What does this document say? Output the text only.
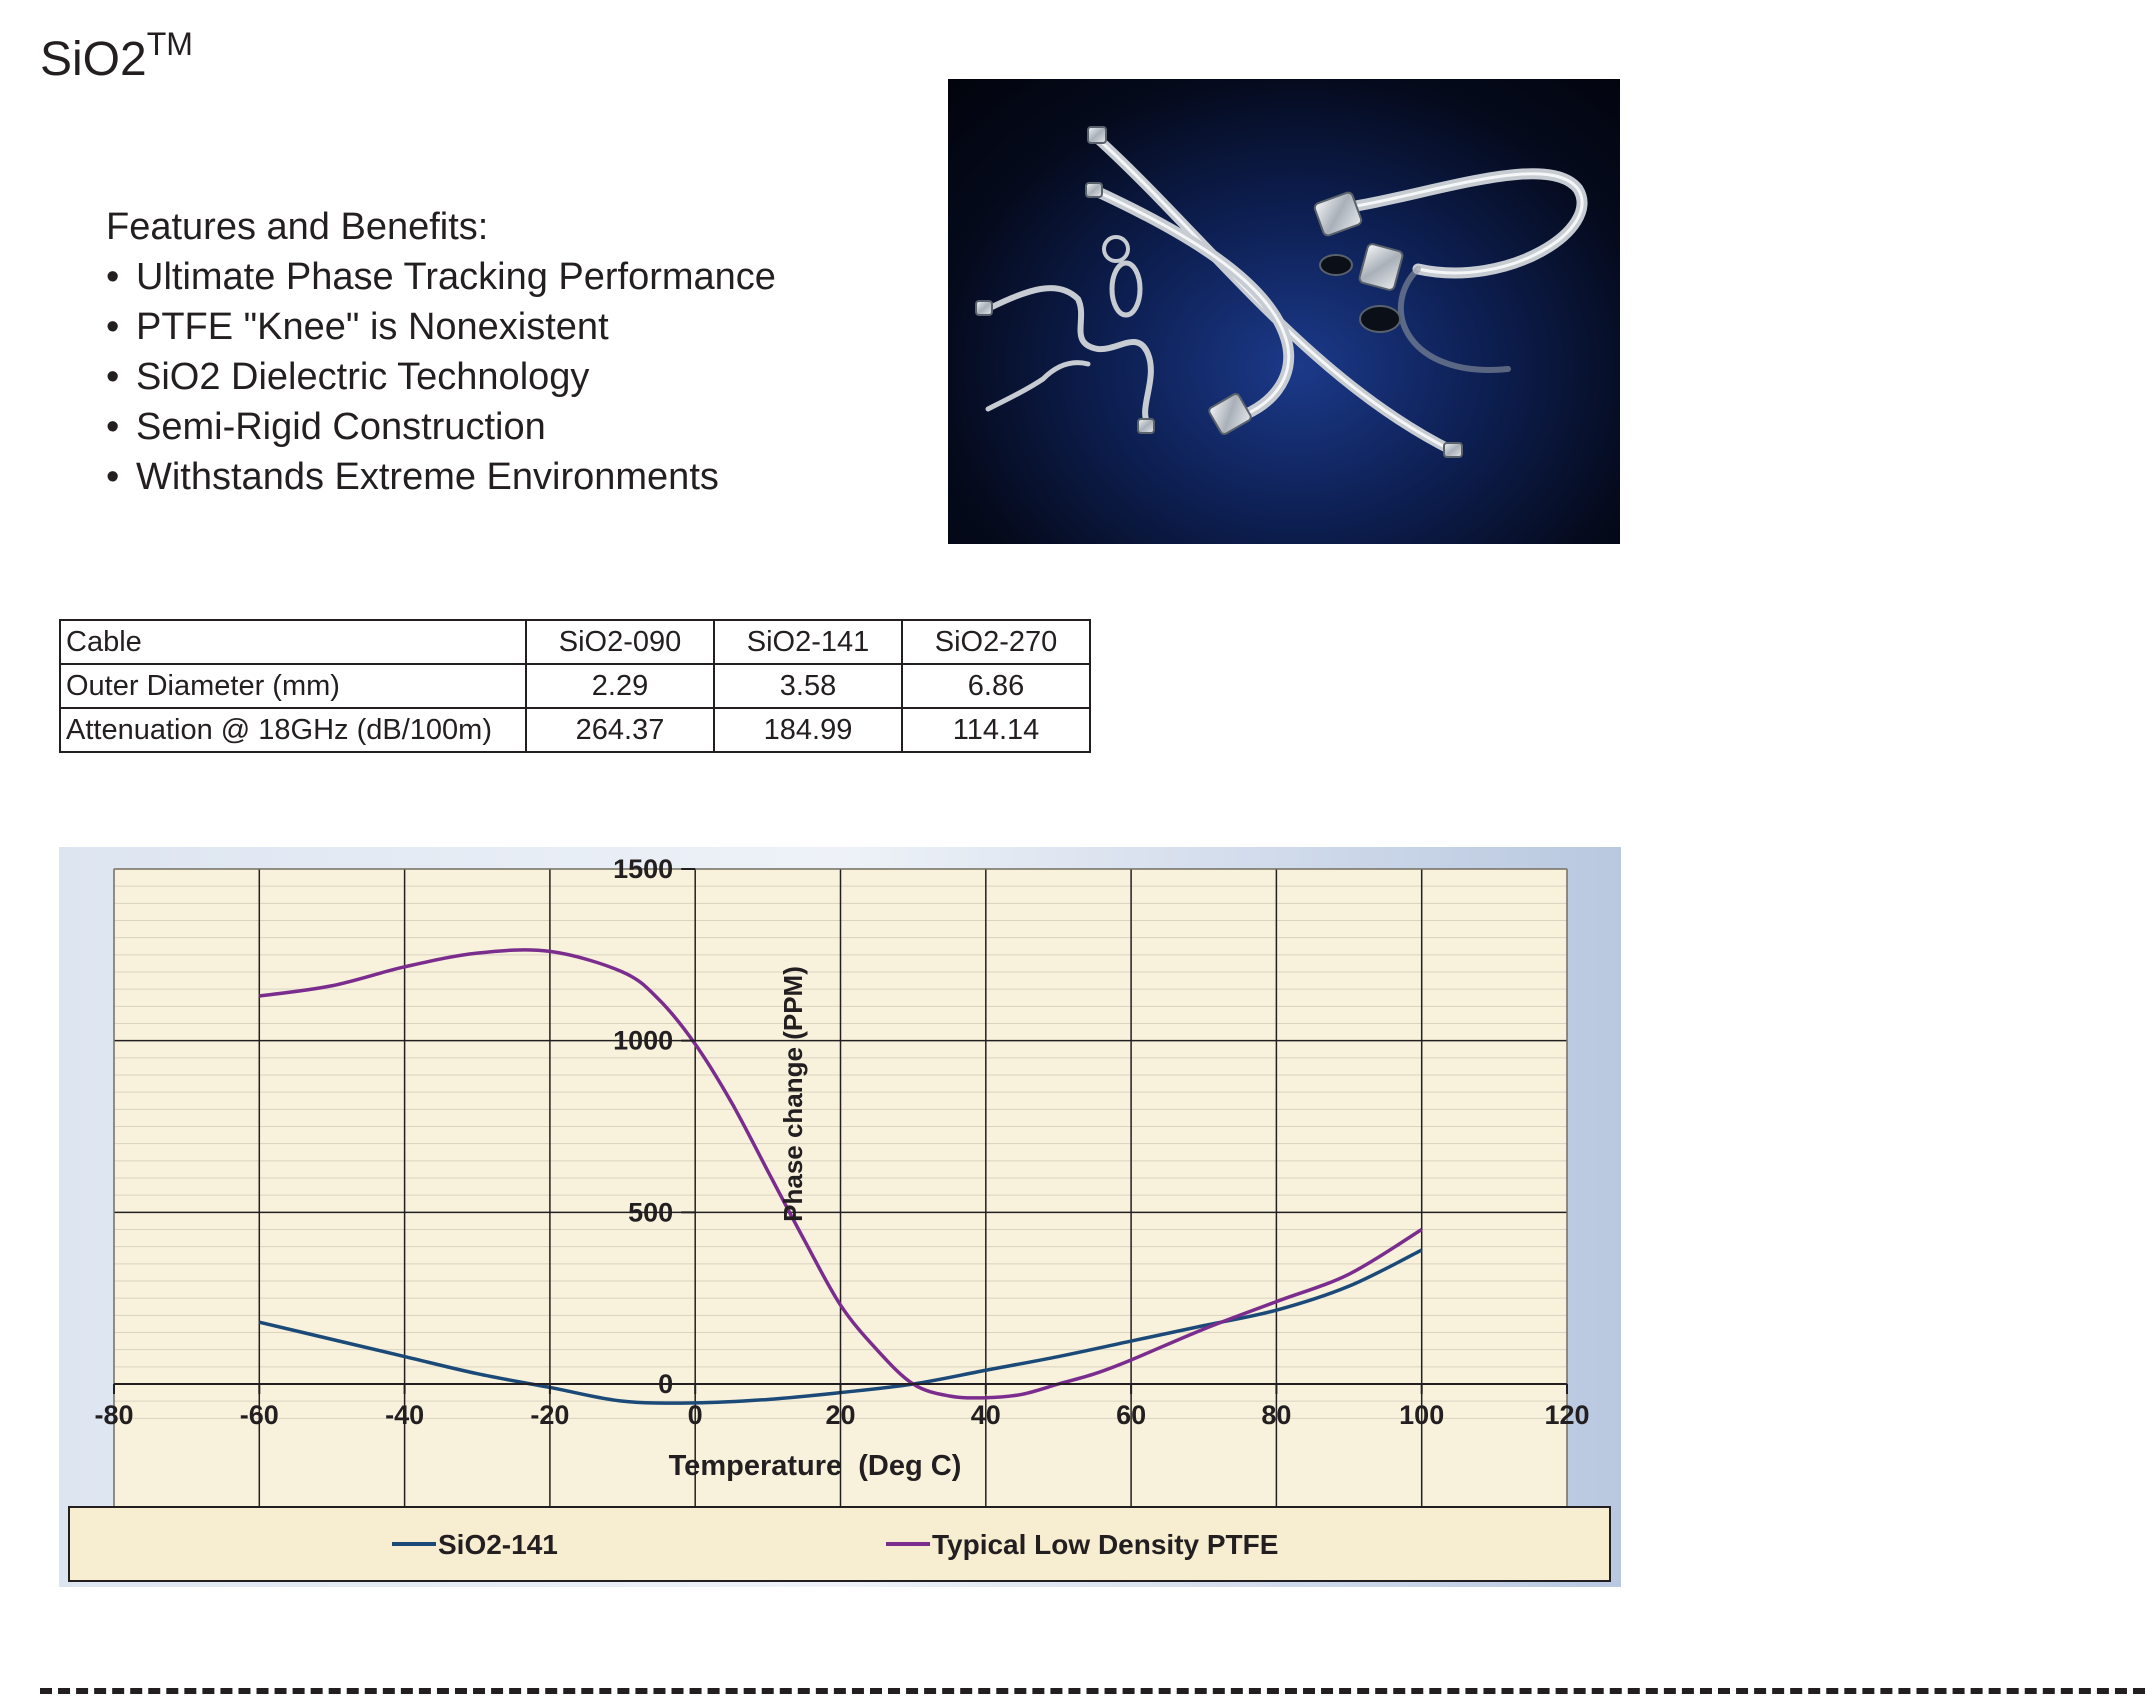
SiO2™
Features and Benefits:
• Ultimate Phase Tracking Performance
• PTFE "Knee" is Nonexistent
• SiO2 Dielectric Technology
• Semi-Rigid Construction
• Withstands Extreme Environments
Cable	SiO2-090	SiO2-141	SiO2-270
Outer Diameter (mm)	2.29	3.58	6.86
Attenuation @ 18GHz (dB/100m)	264.37	184.99	114.14
0
500
1000
1500
-80	-60	-40	-20	0	20	40	60	80	100	120
Phase change (PPM)
Temperature  (Deg C)
SiO2-141	Typical Low Density PTFE
